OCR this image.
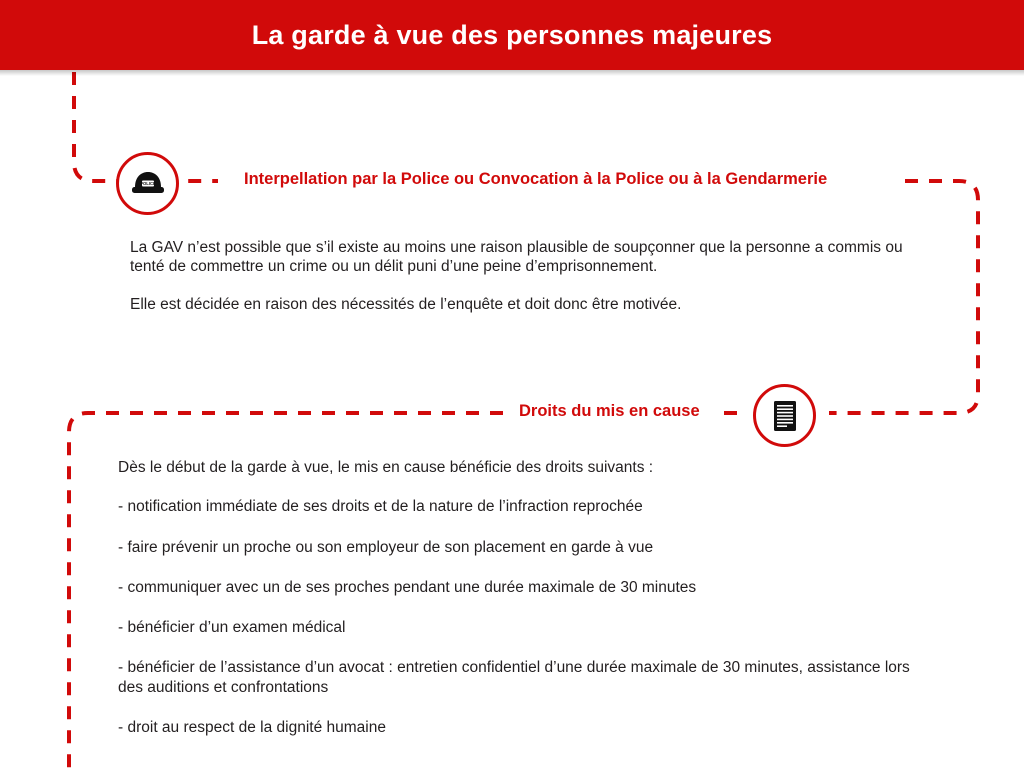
La garde à vue des personnes majeures
POLICE	Interpellation par la Police ou Convocation à la Police ou à la Gendarmerie

La GAV n’est possible que s’il existe au moins une raison plausible de soupçonner que la personne a commis ou tenté de commettre un crime ou un délit puni d’une peine d’emprisonnement.

Elle est décidée en raison des nécessités de l’enquête et doit donc être motivée.

Droits du mis en cause

Dès le début de la garde à vue, le mis en cause bénéficie des droits suivants :

- notification immédiate de ses droits et de la nature de l’infraction reprochée

- faire prévenir un proche ou son employeur de son placement en garde à vue

- communiquer avec un de ses proches pendant une durée maximale de 30 minutes

- bénéficier d’un examen médical

- bénéficier de l’assistance d’un avocat : entretien confidentiel d’une durée maximale de 30 minutes, assistance lors des auditions et confrontations

- droit au respect de la dignité humaine
